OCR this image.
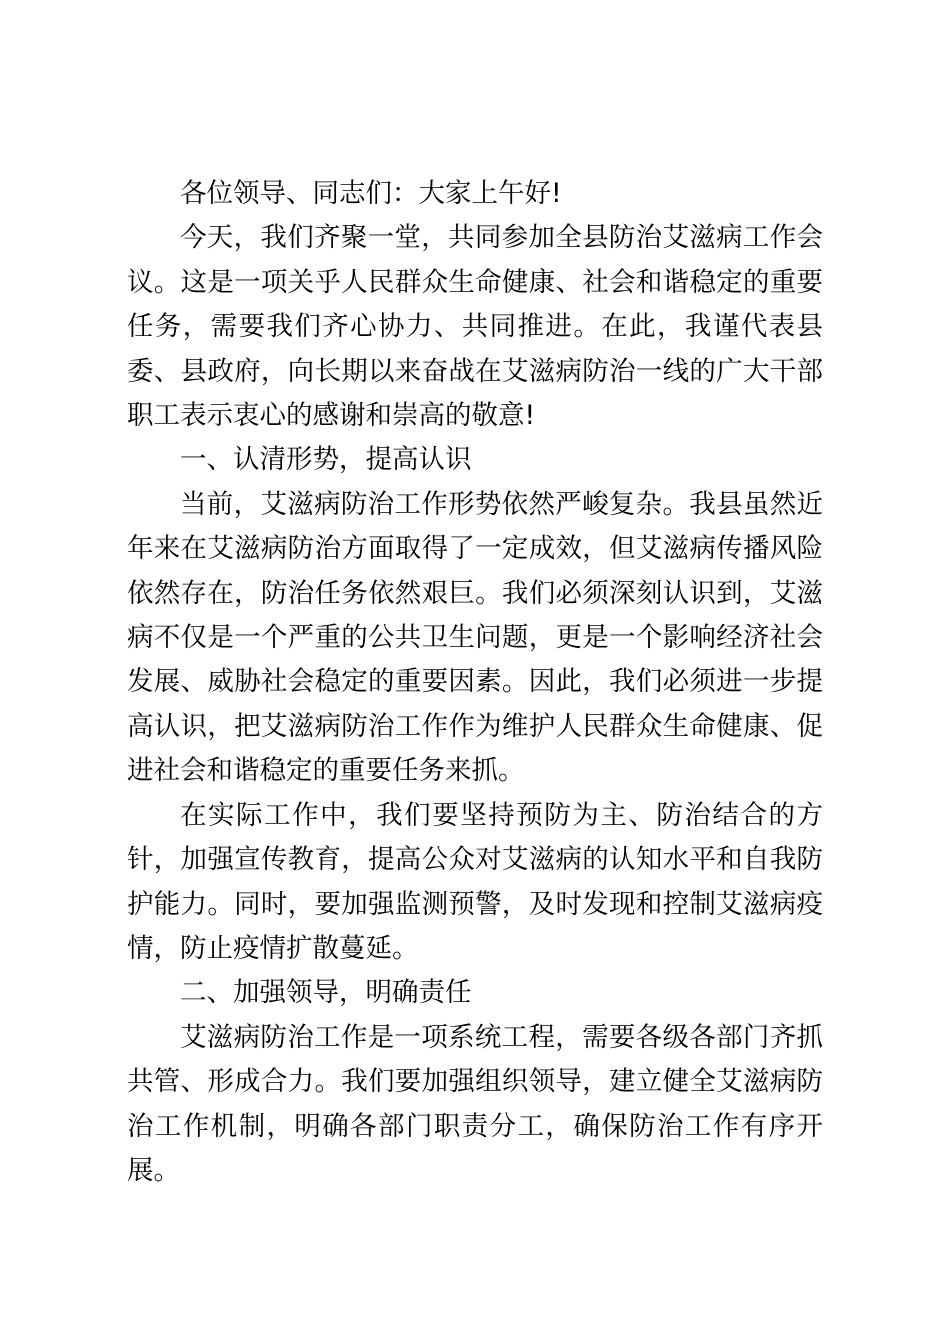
各位领导、同志们：大家上午好!

今天，我们齐聚一堂，共同参加全县防治艾滋病工作会议。这是一项关乎人民群众生命健康、社会和谐稳定的重要任务，需要我们齐心协力、共同推进。在此，我谨代表县委、县政府，向长期以来奋战在艾滋病防治一线的广大干部职工表示衷心的感谢和崇高的敬意!

一、认清形势，提高认识

当前，艾滋病防治工作形势依然严峻复杂。我县虽然近年来在艾滋病防治方面取得了一定成效，但艾滋病传播风险依然存在，防治任务依然艰巨。我们必须深刻认识到，艾滋病不仅是一个严重的公共卫生问题，更是一个影响经济社会发展、威胁社会稳定的重要因素。因此，我们必须进一步提高认识，把艾滋病防治工作作为维护人民群众生命健康、促进社会和谐稳定的重要任务来抓。

在实际工作中，我们要坚持预防为主、防治结合的方针，加强宣传教育，提高公众对艾滋病的认知水平和自我防护能力。同时，要加强监测预警，及时发现和控制艾滋病疫情，防止疫情扩散蔓延。

二、加强领导，明确责任

艾滋病防治工作是一项系统工程，需要各级各部门齐抓共管、形成合力。我们要加强组织领导，建立健全艾滋病防治工作机制，明确各部门职责分工，确保防治工作有序开展。
